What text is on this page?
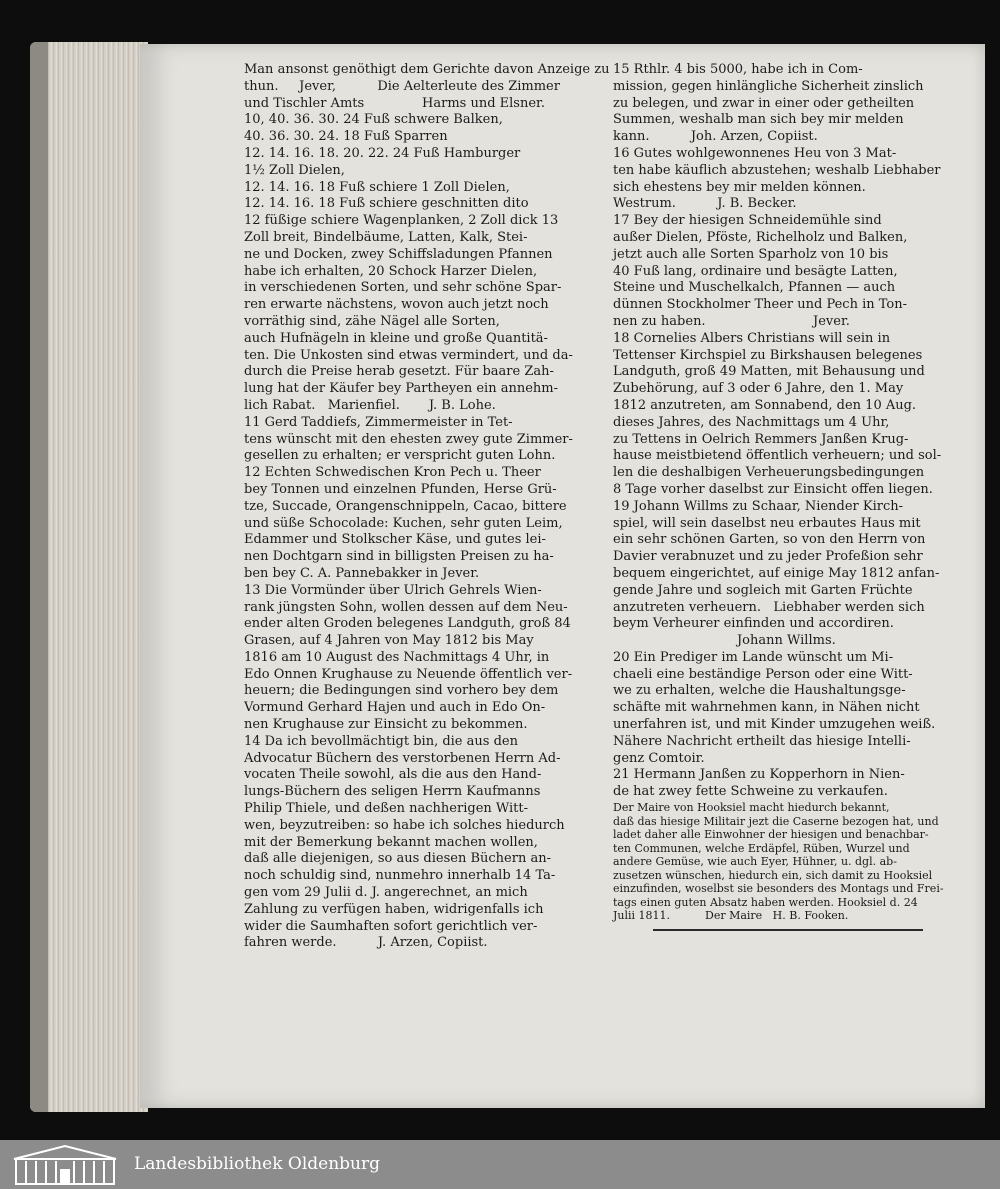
Man ansonst genöthigt dem Gerichte davon Anzeige zu

thun.     Jever,          Die Aelterleute des Zimmer

und Tischler Amts              Harms und Elsner.

10, 40. 36. 30. 24 Fuß schwere Balken,

40. 36. 30. 24. 18 Fuß Sparren

12. 14. 16. 18. 20. 22. 24 Fuß Hamburger

1½ Zoll Dielen,

12. 14. 16. 18 Fuß schiere 1 Zoll Dielen,

12. 14. 16. 18 Fuß schiere geschnitten dito

12 füßige schiere Wagenplanken, 2 Zoll dick 13

Zoll breit, Bindelbäume, Latten, Kalk, Stei-

ne und Docken, zwey Schiffsladungen Pfannen

habe ich erhalten, 20 Schock Harzer Dielen,

in verschiedenen Sorten, und sehr schöne Spar-

ren erwarte nächstens, wovon auch jetzt noch

vorräthig sind, zähe Nägel alle Sorten,

auch Hufnägeln in kleine und große Quantitä-

ten. Die Unkosten sind etwas vermindert, und da-

durch die Preise herab gesetzt. Für baare Zah-

lung hat der Käufer bey Partheyen ein annehm-

lich Rabat.   Marienfiel.       J. B. Lohe.

11 Gerd Taddiefs, Zimmermeister in Tet-

tens wünscht mit den ehesten zwey gute Zimmer-

gesellen zu erhalten; er verspricht guten Lohn.

12 Echten Schwedischen Kron Pech u. Theer

bey Tonnen und einzelnen Pfunden, Herse Grü-

tze, Succade, Orangenschnippeln, Cacao, bittere

und süße Schocolade: Kuchen, sehr guten Leim,

Edammer und Stolkscher Käse, und gutes lei-

nen Dochtgarn sind in billigsten Preisen zu ha-

ben bey C. A. Pannebakker in Jever.

13 Die Vormünder über Ulrich Gehrels Wien-

rank jüngsten Sohn, wollen dessen auf dem Neu-

ender alten Groden belegenes Landguth, groß 84

Grasen, auf 4 Jahren von May 1812 bis May

1816 am 10 August des Nachmittags 4 Uhr, in

Edo Onnen Krughause zu Neuende öffentlich ver-

heuern; die Bedingungen sind vorhero bey dem

Vormund Gerhard Hajen und auch in Edo On-

nen Krughause zur Einsicht zu bekommen.

14 Da ich bevollmächtigt bin, die aus den

Advocatur Büchern des verstorbenen Herrn Ad-

vocaten Theile sowohl, als die aus den Hand-

lungs-Büchern des seligen Herrn Kaufmanns

Philip Thiele, und deßen nachherigen Witt-

wen, beyzutreiben: so habe ich solches hiedurch

mit der Bemerkung bekannt machen wollen,

daß alle diejenigen, so aus diesen Büchern an-

noch schuldig sind, nunmehro innerhalb 14 Ta-

gen vom 29 Julii d. J. angerechnet, an mich

Zahlung zu verfügen haben, widrigenfalls ich

wider die Saumhaften sofort gerichtlich ver-

fahren werde.          J. Arzen, Copiist.

15 Rthlr. 4 bis 5000, habe ich in Com-

mission, gegen hinlängliche Sicherheit zinslich

zu belegen, und zwar in einer oder getheilten

Summen, weshalb man sich bey mir melden

kann.          Joh. Arzen, Copiist.

16 Gutes wohlgewonnenes Heu von 3 Mat-

ten habe käuflich abzustehen; weshalb Liebhaber

sich ehestens bey mir melden können.

Westrum.          J. B. Becker.

17 Bey der hiesigen Schneidemühle sind

außer Dielen, Pföste, Richelholz und Balken,

jetzt auch alle Sorten Sparholz von 10 bis

40 Fuß lang, ordinaire und besägte Latten,

Steine und Muschelkalch, Pfannen — auch

dünnen Stockholmer Theer und Pech in Ton-

nen zu haben.                          Jever.

18 Cornelies Albers Christians will sein in

Tettenser Kirchspiel zu Birkshausen belegenes

Landguth, groß 49 Matten, mit Behausung und

Zubehörung, auf 3 oder 6 Jahre, den 1. May

1812 anzutreten, am Sonnabend, den 10 Aug.

dieses Jahres, des Nachmittags um 4 Uhr,

zu Tettens in Oelrich Remmers Janßen Krug-

hause meistbietend öffentlich verheuern; und sol-

len die deshalbigen Verheuerungsbedingungen

8 Tage vorher daselbst zur Einsicht offen liegen.

19 Johann Willms zu Schaar, Niender Kirch-

spiel, will sein daselbst neu erbautes Haus mit

ein sehr schönen Garten, so von den Herrn von

Davier verabnuzet und zu jeder Profeßion sehr

bequem eingerichtet, auf einige May 1812 anfan-

gende Jahre und sogleich mit Garten Früchte

anzutreten verheuern.   Liebhaber werden sich

beym Verheurer einfinden und accordiren.

Johann Willms.

20 Ein Prediger im Lande wünscht um Mi-

chaeli eine beständige Person oder eine Witt-

we zu erhalten, welche die Haushaltungsge-

schäfte mit wahrnehmen kann, in Nähen nicht

unerfahren ist, und mit Kinder umzugehen weiß.

Nähere Nachricht ertheilt das hiesige Intelli-

genz Comtoir.

21 Hermann Janßen zu Kopperhorn in Nien-

de hat zwey fette Schweine zu verkaufen.

Der Maire von Hooksiel macht hiedurch bekannt,

daß das hiesige Militair jezt die Caserne bezogen hat, und

ladet daher alle Einwohner der hiesigen und benachbar-

ten Communen, welche Erdäpfel, Rüben, Wurzel und

andere Gemüse, wie auch Eyer, Hühner, u. dgl. ab-

zusetzen wünschen, hiedurch ein, sich damit zu Hooksiel

einzufinden, woselbst sie besonders des Montags und Frei-

tags einen guten Absatz haben werden. Hooksiel d. 24

Julii 1811.          Der Maire   H. B. Fooken.

Landesbibliothek Oldenburg
